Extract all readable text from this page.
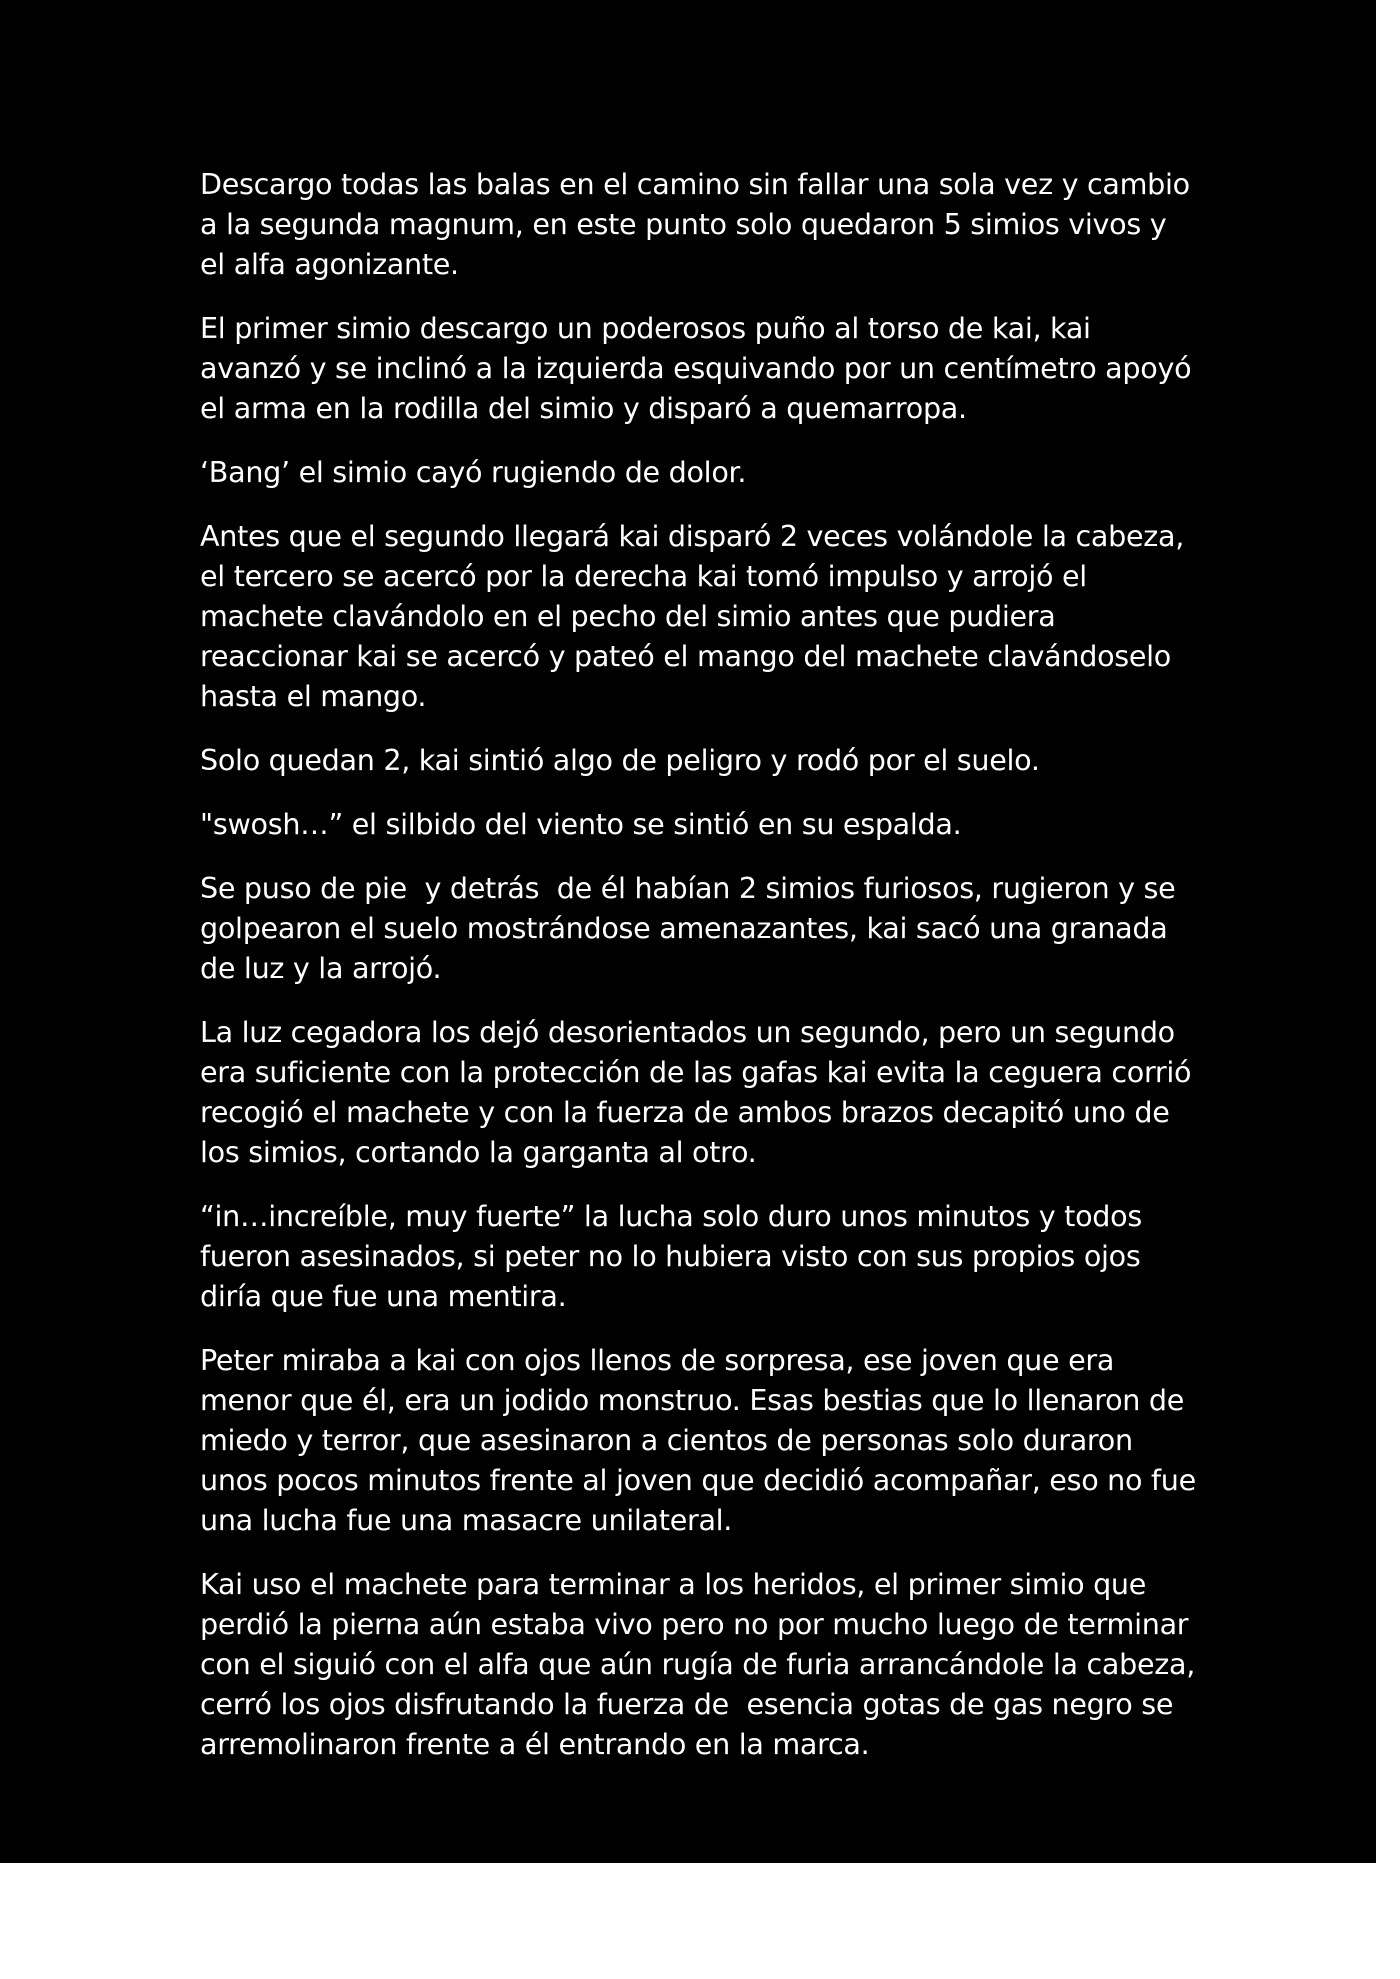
Descargo todas las balas en el camino sin fallar una sola vez y cambio a la segunda magnum, en este punto solo quedaron 5 simios vivos y el alfa agonizante.

El primer simio descargo un poderosos puño al torso de kai, kai avanzó y se inclinó a la izquierda esquivando por un centímetro apoyó el arma en la rodilla del simio y disparó a quemarropa.

‘Bang’ el simio cayó rugiendo de dolor.

Antes que el segundo llegará kai disparó 2 veces volándole la cabeza, el tercero se acercó por la derecha kai tomó impulso y arrojó el machete clavándolo en el pecho del simio antes que pudiera reaccionar kai se acercó y pateó el mango del machete clavándoselo hasta el mango.

Solo quedan 2, kai sintió algo de peligro y rodó por el suelo.

"swosh…” el silbido del viento se sintió en su espalda.

Se puso de pie  y detrás  de él habían 2 simios furiosos, rugieron y se golpearon el suelo mostrándose amenazantes, kai sacó una granada de luz y la arrojó.

La luz cegadora los dejó desorientados un segundo, pero un segundo era suficiente con la protección de las gafas kai evita la ceguera corrió recogió el machete y con la fuerza de ambos brazos decapitó uno de los simios, cortando la garganta al otro.

“in…increíble, muy fuerte” la lucha solo duro unos minutos y todos fueron asesinados, si peter no lo hubiera visto con sus propios ojos diría que fue una mentira.

Peter miraba a kai con ojos llenos de sorpresa, ese joven que era menor que él, era un jodido monstruo. Esas bestias que lo llenaron de miedo y terror, que asesinaron a cientos de personas solo duraron unos pocos minutos frente al joven que decidió acompañar, eso no fue una lucha fue una masacre unilateral.

Kai uso el machete para terminar a los heridos, el primer simio que perdió la pierna aún estaba vivo pero no por mucho luego de terminar con el siguió con el alfa que aún rugía de furia arrancándole la cabeza, cerró los ojos disfrutando la fuerza de  esencia gotas de gas negro se arremolinaron frente a él entrando en la marca.
